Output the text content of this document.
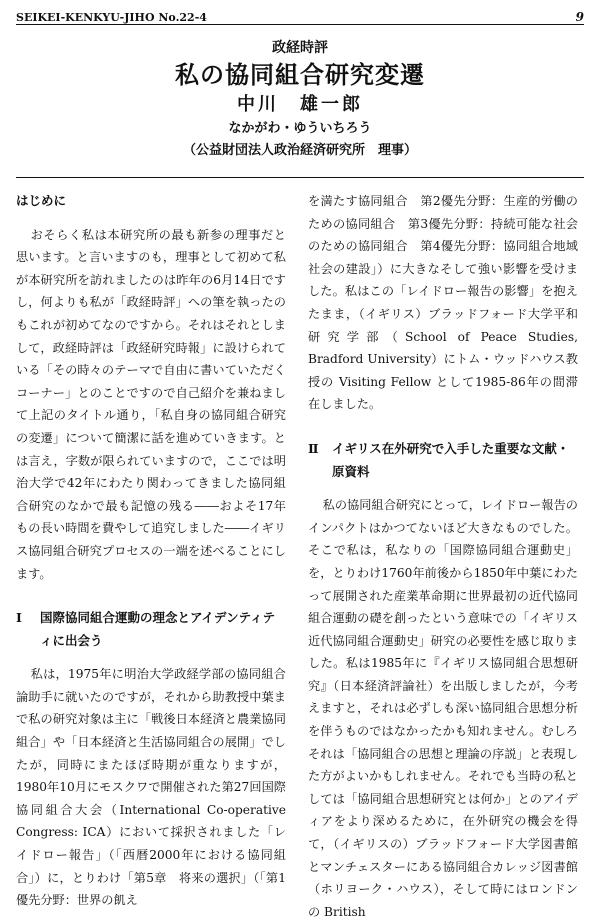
SEIKEI-KENKYU-JIHO No.22-4	9
政経時評
私の協同組合研究変遷
中川　雄一郎
なかがわ・ゆういちろう
（公益財団法人政治経済研究所　理事）
はじめに

おそらく私は本研究所の最も新参の理事だと思います。と言いますのも，理事として初めて私が本研究所を訪れましたのは昨年の6月14日ですし，何よりも私が「政経時評」への筆を執ったのもこれが初めてなのですから。それはそれとしまして，政経時評は「政経研究時報」に設けられている「その時々のテーマで自由に書いていただくコーナー」とのことですので自己紹介を兼ねまして上記のタイトル通り，「私自身の協同組合研究の変遷」について簡潔に話を進めていきます。とは言え，字数が限られていますので，ここでは明治大学で42年にわたり関わってきました協同組合研究のなかで最も記憶の残る――およそ17年もの長い時間を費やして追究しました――イギリス協同組合研究プロセスの一端を述べることにします。

Ⅰ	国際協同組合運動の理念とアイデンティティに出会う

私は，1975年に明治大学政経学部の協同組合論助手に就いたのですが，それから助教授中葉まで私の研究対象は主に「戦後日本経済と農業協同組合」や「日本経済と生活協同組合の展開」でしたが，同時にまたほぼ時期が重なりますが，1980年10月にモスクワで開催された第27回国際協同組合大会（International Co-operative Congress: ICA）において採択されました「レイドロー報告」（「西暦2000年における協同組合」）に，とりわけ「第5章　将来の選択」（「第1優先分野：世界の飢え

を満たす協同組合　第2優先分野：生産的労働のための協同組合　第3優先分野：持続可能な社会のための協同組合　第4優先分野：協同組合地域社会の建設」）に大きなそして強い影響を受けました。私はこの「レイドロー報告の影響」を抱えたまま，（イギリス）ブラッドフォード大学平和研究学部（School of Peace Studies, Bradford University）にトム・ウッドハウス教授の Visiting Fellow として1985-86年の間滞在しました。

Ⅱ	イギリス在外研究で入手した重要な文献・原資料

私の協同組合研究にとって，レイドロー報告のインパクトはかつてないほど大きなものでした。そこで私は，私なりの「国際協同組合運動史」を，とりわけ1760年前後から1850年中葉にわたって展開された産業革命期に世界最初の近代協同組合運動の礎を創ったという意味での「イギリス近代協同組合運動史」研究の必要性を感じ取りました。私は1985年に『イギリス協同組合思想研究』（日本経済評論社）を出版しましたが，今考えますと，それは必ずしも深い協同組合思想分析を伴うものではなかったかも知れません。むしろそれは「協同組合の思想と理論の序説」と表現した方がよいかもしれません。それでも当時の私としては「協同組合思想研究とは何か」とのアイディアをより深めるために，在外研究の機会を得て，（イギリスの）ブラッドフォード大学図書館とマンチェスターにある協同組合カレッジ図書館（ホリヨーク・ハウス），そして時にはロンドンの British
